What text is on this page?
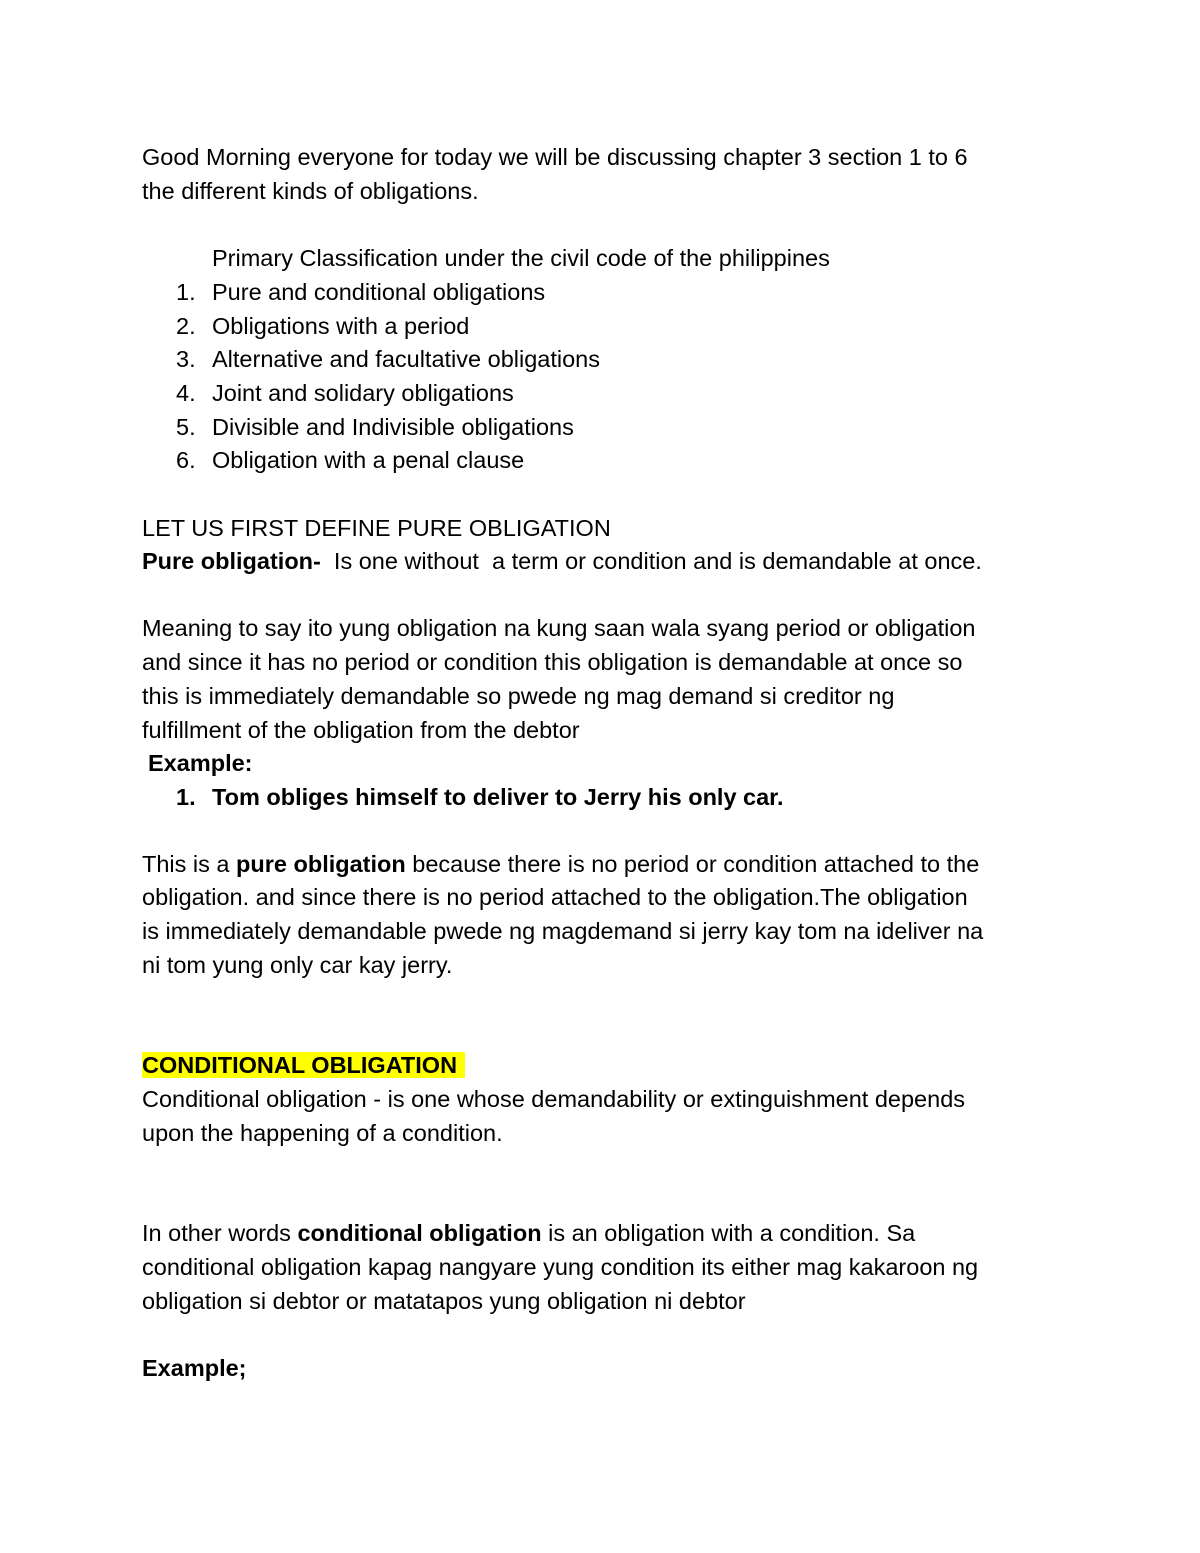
Good Morning everyone for today we will be discussing chapter 3 section 1 to 6
the different kinds of obligations.
Primary Classification under the civil code of the philippines
1. Pure and conditional obligations
2. Obligations with a period
3. Alternative and facultative obligations
4. Joint and solidary obligations
5. Divisible and Indivisible obligations
6. Obligation with a penal clause
LET US FIRST DEFINE PURE OBLIGATION
Pure obligation-  Is one without  a term or condition and is demandable at once.
Meaning to say ito yung obligation na kung saan wala syang period or obligation
and since it has no period or condition this obligation is demandable at once so
this is immediately demandable so pwede ng mag demand si creditor ng
fulfillment of the obligation from the debtor
Example:
1. Tom obliges himself to deliver to Jerry his only car.
This is a pure obligation because there is no period or condition attached to the
obligation. and since there is no period attached to the obligation.The obligation
is immediately demandable pwede ng magdemand si jerry kay tom na ideliver na
ni tom yung only car kay jerry.
CONDITIONAL OBLIGATION
Conditional obligation - is one whose demandability or extinguishment depends
upon the happening of a condition.
In other words conditional obligation is an obligation with a condition. Sa
conditional obligation kapag nangyare yung condition its either mag kakaroon ng
obligation si debtor or matatapos yung obligation ni debtor
Example;
